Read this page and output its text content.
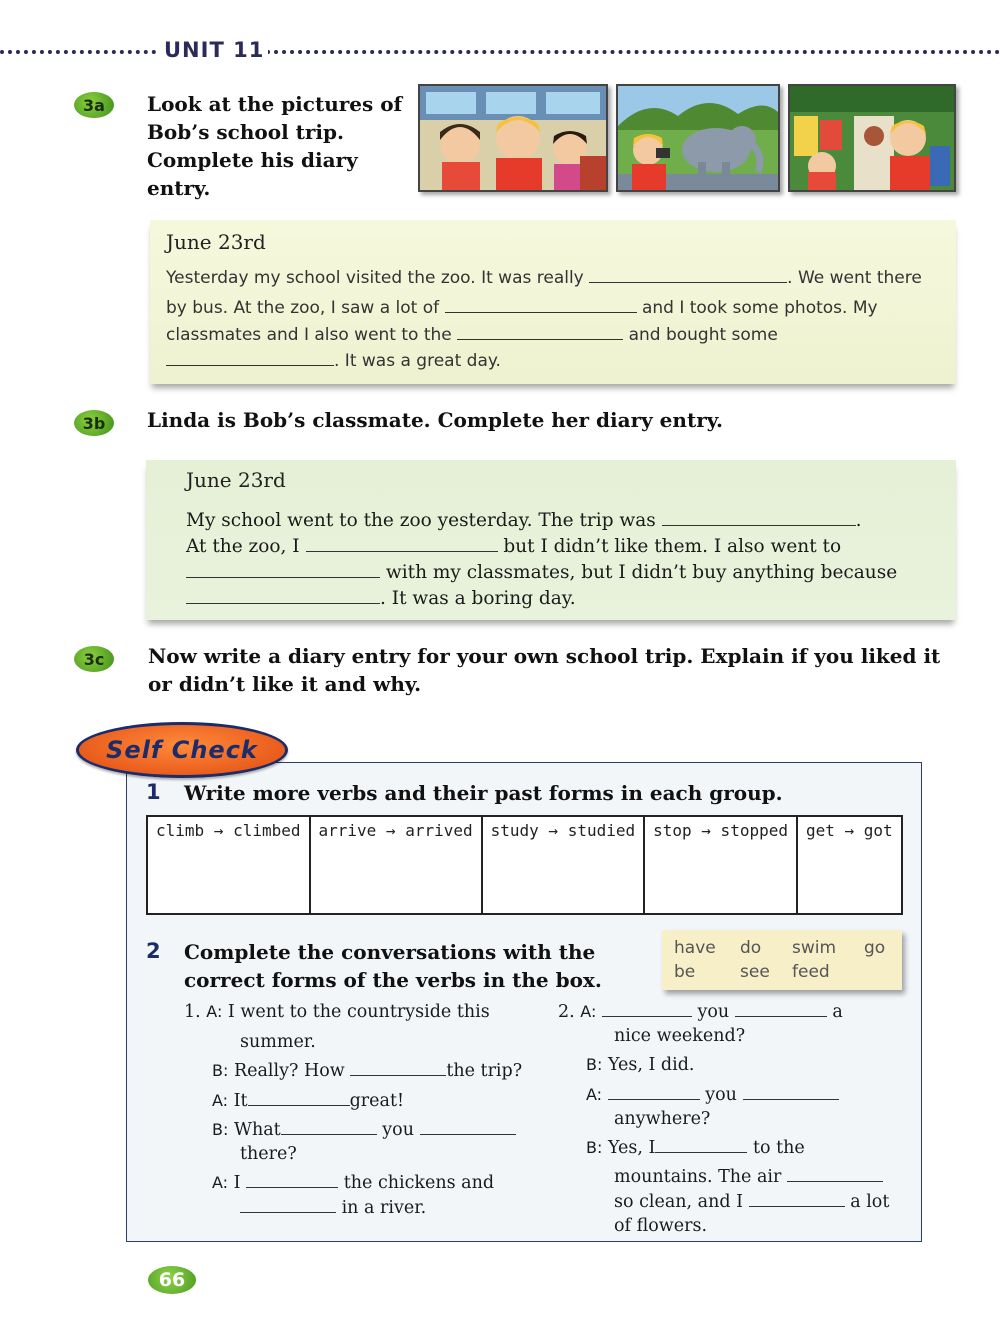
UNIT 11
3a	Look at the pictures of
Bob’s school trip.
Complete his diary
entry.
June 23rd
Yesterday my school visited the zoo. It was really	. We went there
by bus. At the zoo, I saw a lot of	and I took some photos. My
classmates and I also went to the	and bought some
. It was a great day.
3b	Linda is Bob’s classmate. Complete her diary entry.
June 23rd
My school went to the zoo yesterday. The trip was	.
At the zoo, I	but I didn’t like them. I also went to
with my classmates, but I didn’t buy anything because
. It was a boring day.
3c	Now write a diary entry for your own school trip. Explain if you liked it
or didn’t like it and why.
Self Check
1 Write more verbs and their past forms in each group.
climb → climbed	arrive → arrived	study → studied	stop → stopped	get → got
2 Complete the conversations with the
correct forms of the verbs in the box.
have do swim go
be	see feed
1. A: I went to the countryside this
summer.
B: Really? How	the trip?
A: It	great!
B: What	you
there?
A: I	the chickens and
in a river.
2. A:	you	a
nice weekend?
B: Yes, I did.
A:	you
anywhere?
B: Yes, I	to the
mountains. The air
so clean, and I	a lot
of flowers.
66
